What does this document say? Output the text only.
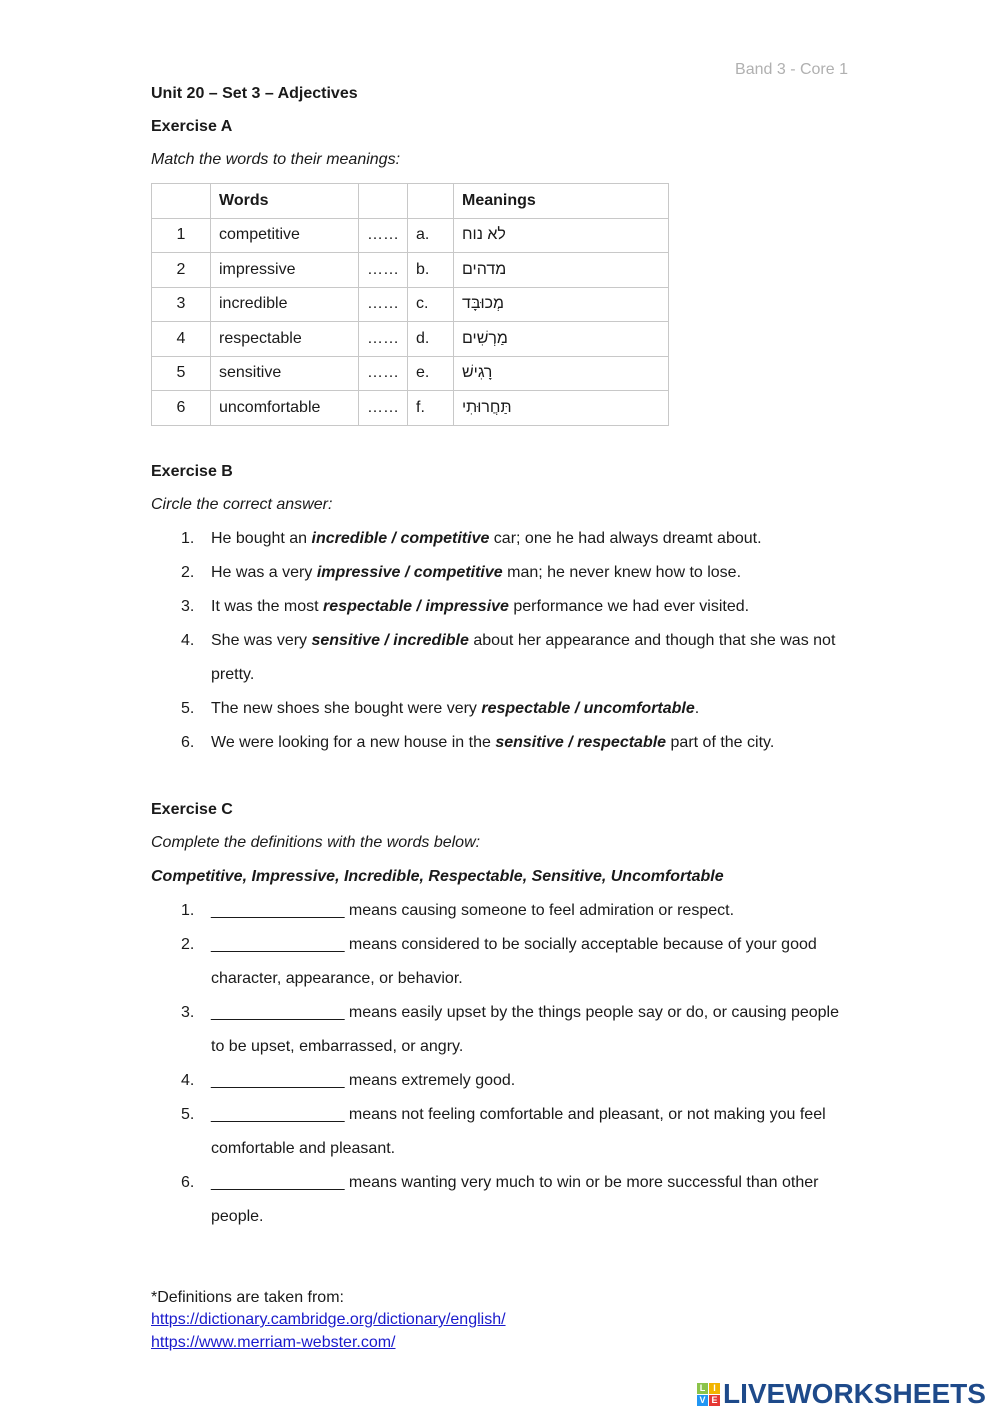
Band 3 - Core 1
Unit 20 – Set 3 – Adjectives
Exercise A
Match the words to their meanings:
	Words			Meanings
1	competitive	……	a.	לא נוח
2	impressive	……	b.	מדהים
3	incredible	……	c.	מְכוּבָּד
4	respectable	……	d.	מַרְשִׁים
5	sensitive	……	e.	רָגִישׁ
6	uncomfortable	……	f.	תַּחֲרוּתִי
Exercise B
Circle the correct answer:
1. He bought an incredible / competitive car; one he had always dreamt about.
2. He was a very impressive / competitive man; he never knew how to lose.
3. It was the most respectable / impressive performance we had ever visited.
4. She was very sensitive / incredible about her appearance and though that she was not pretty.
5. The new shoes she bought were very respectable / uncomfortable.
6. We were looking for a new house in the sensitive / respectable part of the city.
Exercise C
Complete the definitions with the words below:
Competitive, Impressive, Incredible, Respectable, Sensitive, Uncomfortable
1. _______________ means causing someone to feel admiration or respect.
2. _______________ means considered to be socially acceptable because of your good character, appearance, or behavior.
3. _______________ means easily upset by the things people say or do, or causing people to be upset, embarrassed, or angry.
4. _______________ means extremely good.
5. _______________ means not feeling comfortable and pleasant, or not making you feel comfortable and pleasant.
6. _______________ means wanting very much to win or be more successful than other people.
*Definitions are taken from:
https://dictionary.cambridge.org/dictionary/english/
https://www.merriam-webster.com/
L I
V E LIVEWORKSHEETS
